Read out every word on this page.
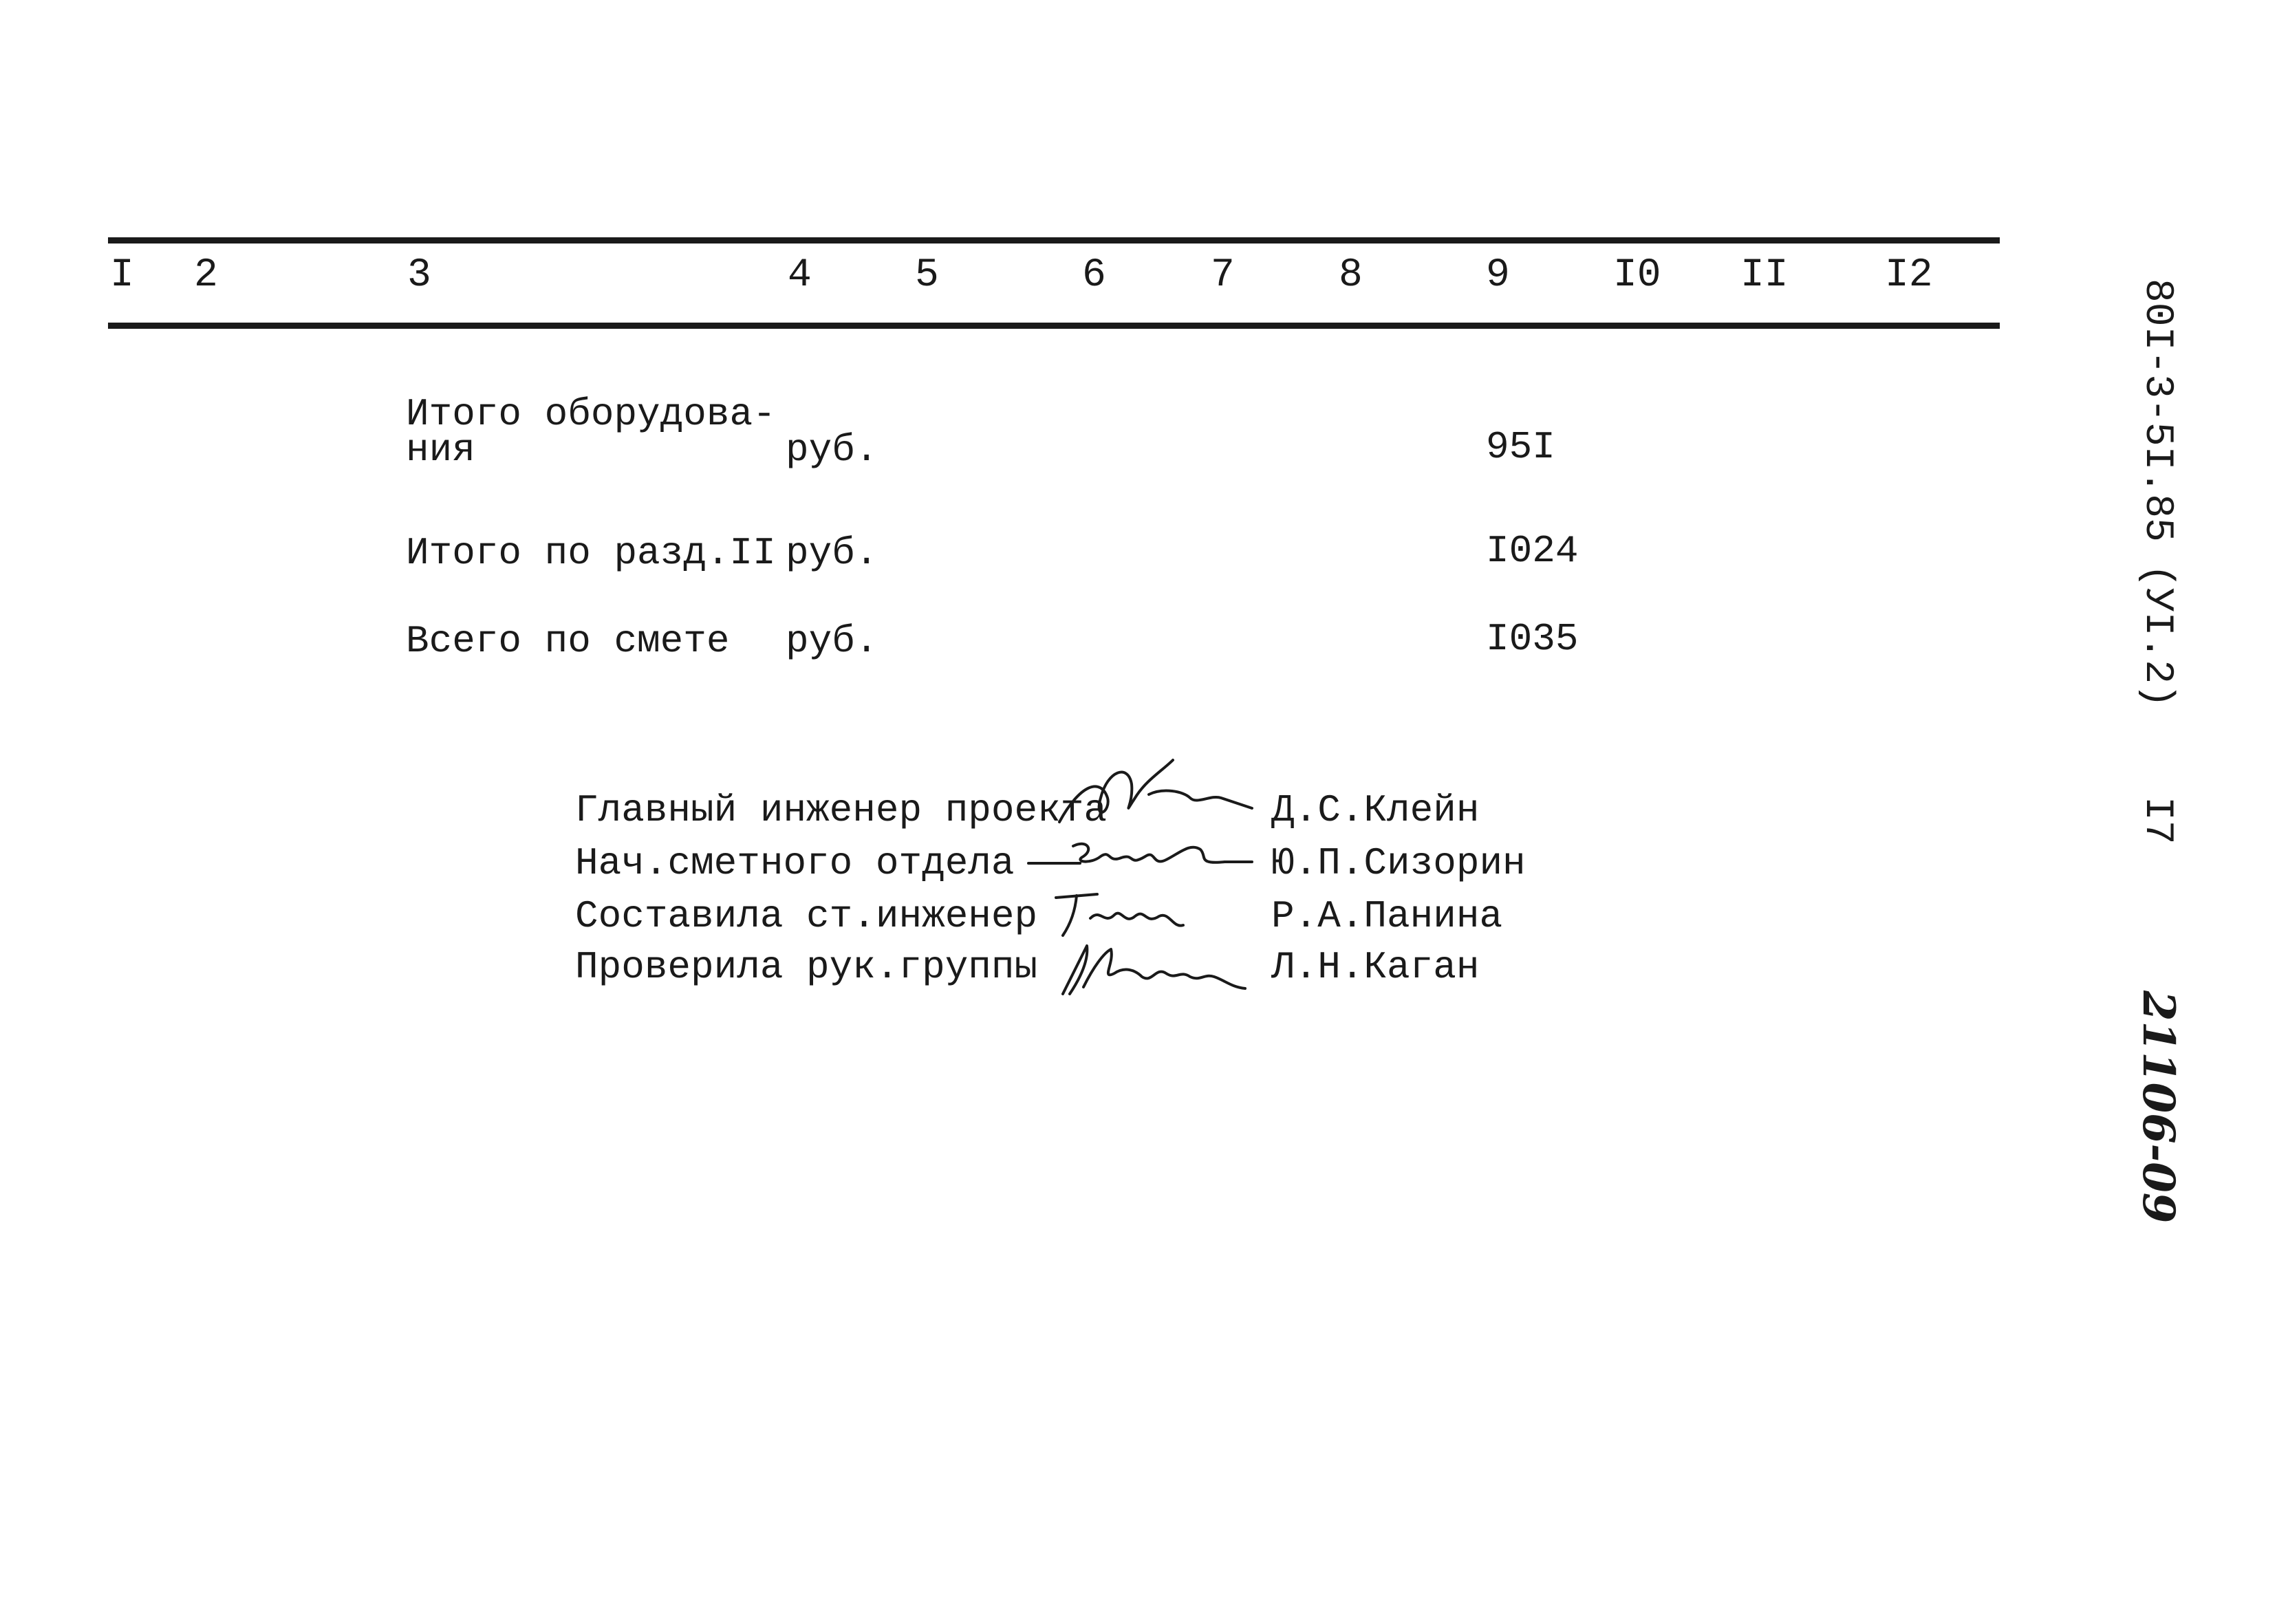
I 2	3	4	5	6	7	8	9	I0 II I2
Итого оборудова-
ния	руб.	95I
Итого по разд.II руб.	I024
Всего по смете руб.	I035
Главный инженер проекта	Д.С.Клейн
Нач.сметного отдела	Ю.П.Сизорин
Составила ст.инженер	Р.А.Панина
Проверила рук.группы	Л.Н.Каган
80I-3-5I.85
(УI.2)
I7
21106-09
